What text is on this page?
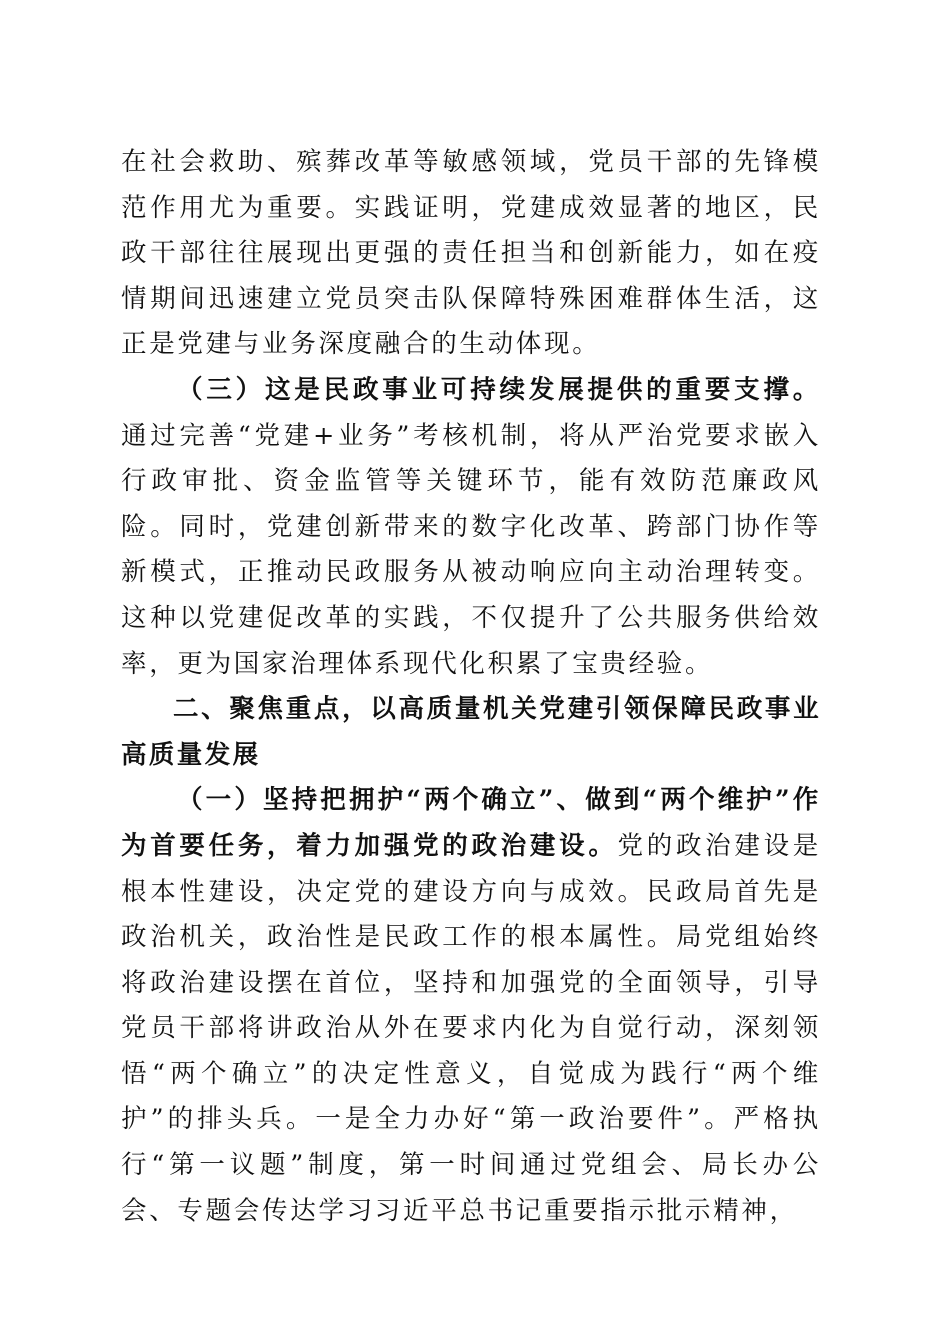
在社会救助、殡葬改革等敏感领域，党员干部的先锋模范作用尤为重要。实践证明，党建成效显著的地区，民政干部往往展现出更强的责任担当和创新能力，如在疫情期间迅速建立党员突击队保障特殊困难群体生活，这正是党建与业务深度融合的生动体现。

（三）这是民政事业可持续发展提供的重要支撑。通过完善“党建+业务”考核机制，将从严治党要求嵌入行政审批、资金监管等关键环节，能有效防范廉政风险。同时，党建创新带来的数字化改革、跨部门协作等新模式，正推动民政服务从被动响应向主动治理转变。这种以党建促改革的实践，不仅提升了公共服务供给效率，更为国家治理体系现代化积累了宝贵经验。

二、聚焦重点，以高质量机关党建引领保障民政事业高质量发展

（一）坚持把拥护“两个确立”、做到“两个维护”作为首要任务，着力加强党的政治建设。党的政治建设是根本性建设，决定党的建设方向与成效。民政局首先是政治机关，政治性是民政工作的根本属性。局党组始终将政治建设摆在首位，坚持和加强党的全面领导，引导党员干部将讲政治从外在要求内化为自觉行动，深刻领悟“两个确立”的决定性意义，自觉成为践行“两个维护”的排头兵。一是全力办好“第一政治要件”。严格执行“第一议题”制度，第一时间通过党组会、局长办公会、专题会传达学习习近平总书记重要指示批示精神，
